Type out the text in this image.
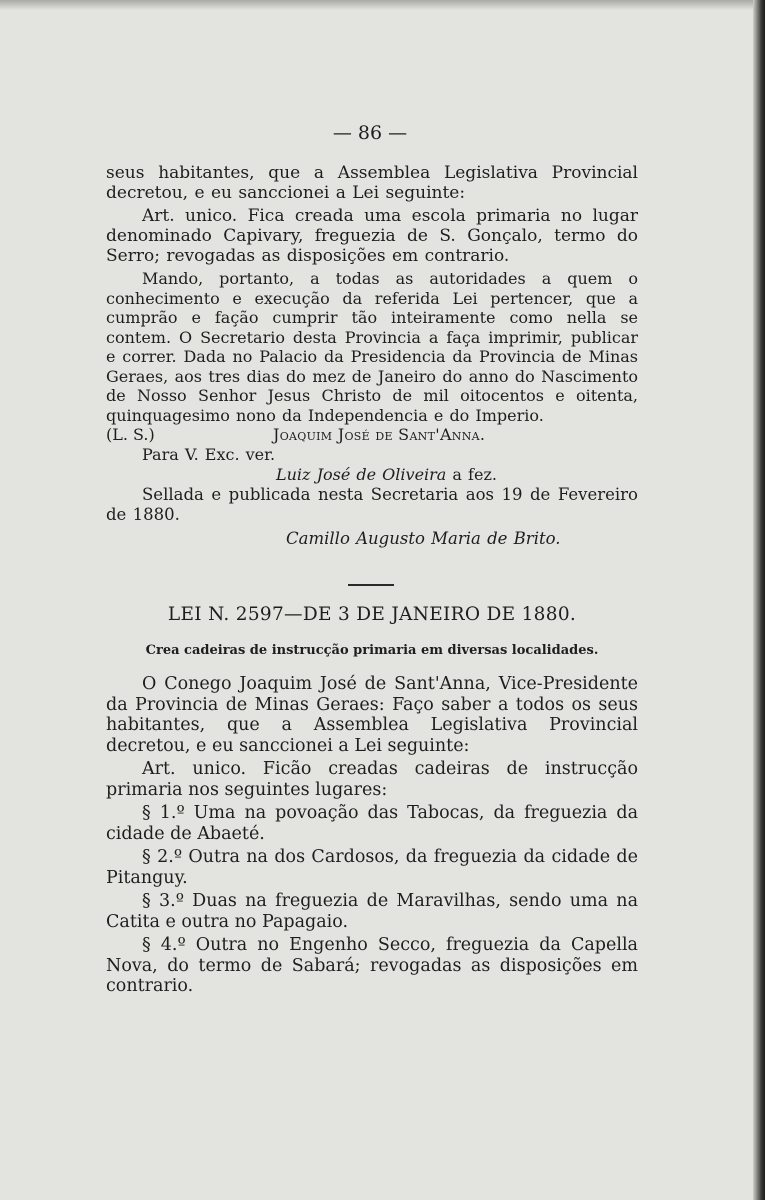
— 86 —

seus habitantes, que a Assemblea Legislativa Provincial decretou, e eu sanccionei a Lei seguinte:

Art. unico. Fica creada uma escola primaria no lugar denominado Capivary, freguezia de S. Gonçalo, termo do Serro; revogadas as disposições em contrario.

Mando, portanto, a todas as autoridades a quem o conhecimento e execução da referida Lei pertencer, que a cumprão e fação cumprir tão inteiramente como nella se contem. O Secretario desta Provincia a faça imprimir, publicar e correr. Dada no Palacio da Presidencia da Provincia de Minas Geraes, aos tres dias do mez de Janeiro do anno do Nascimento de Nosso Senhor Jesus Christo de mil oitocentos e oitenta, quinquagesimo nono da Independencia e do Imperio.

(L. S.)	Joaquim José de Sant'Anna.

Para V. Exc. ver.

Luiz José de Oliveira a fez.

Sellada e publicada nesta Secretaria aos 19 de Fevereiro de 1880.

Camillo Augusto Maria de Brito.

LEI N. 2597—DE 3 DE JANEIRO DE 1880.
Crea cadeiras de instrucção primaria em diversas localidades.

O Conego Joaquim José de Sant'Anna, Vice-Presidente da Provincia de Minas Geraes: Faço saber a todos os seus habitantes, que a Assemblea Legislativa Provincial decretou, e eu sanccionei a Lei seguinte:

Art. unico. Ficão creadas cadeiras de instrucção primaria nos seguintes lugares:

§ 1.º Uma na povoação das Tabocas, da freguezia da cidade de Abaeté.

§ 2.º Outra na dos Cardosos, da freguezia da cidade de Pitanguy.

§ 3.º Duas na freguezia de Maravilhas, sendo uma na Catita e outra no Papagaio.

§ 4.º Outra no Engenho Secco, freguezia da Capella Nova, do termo de Sabará; revogadas as disposições em contrario.
